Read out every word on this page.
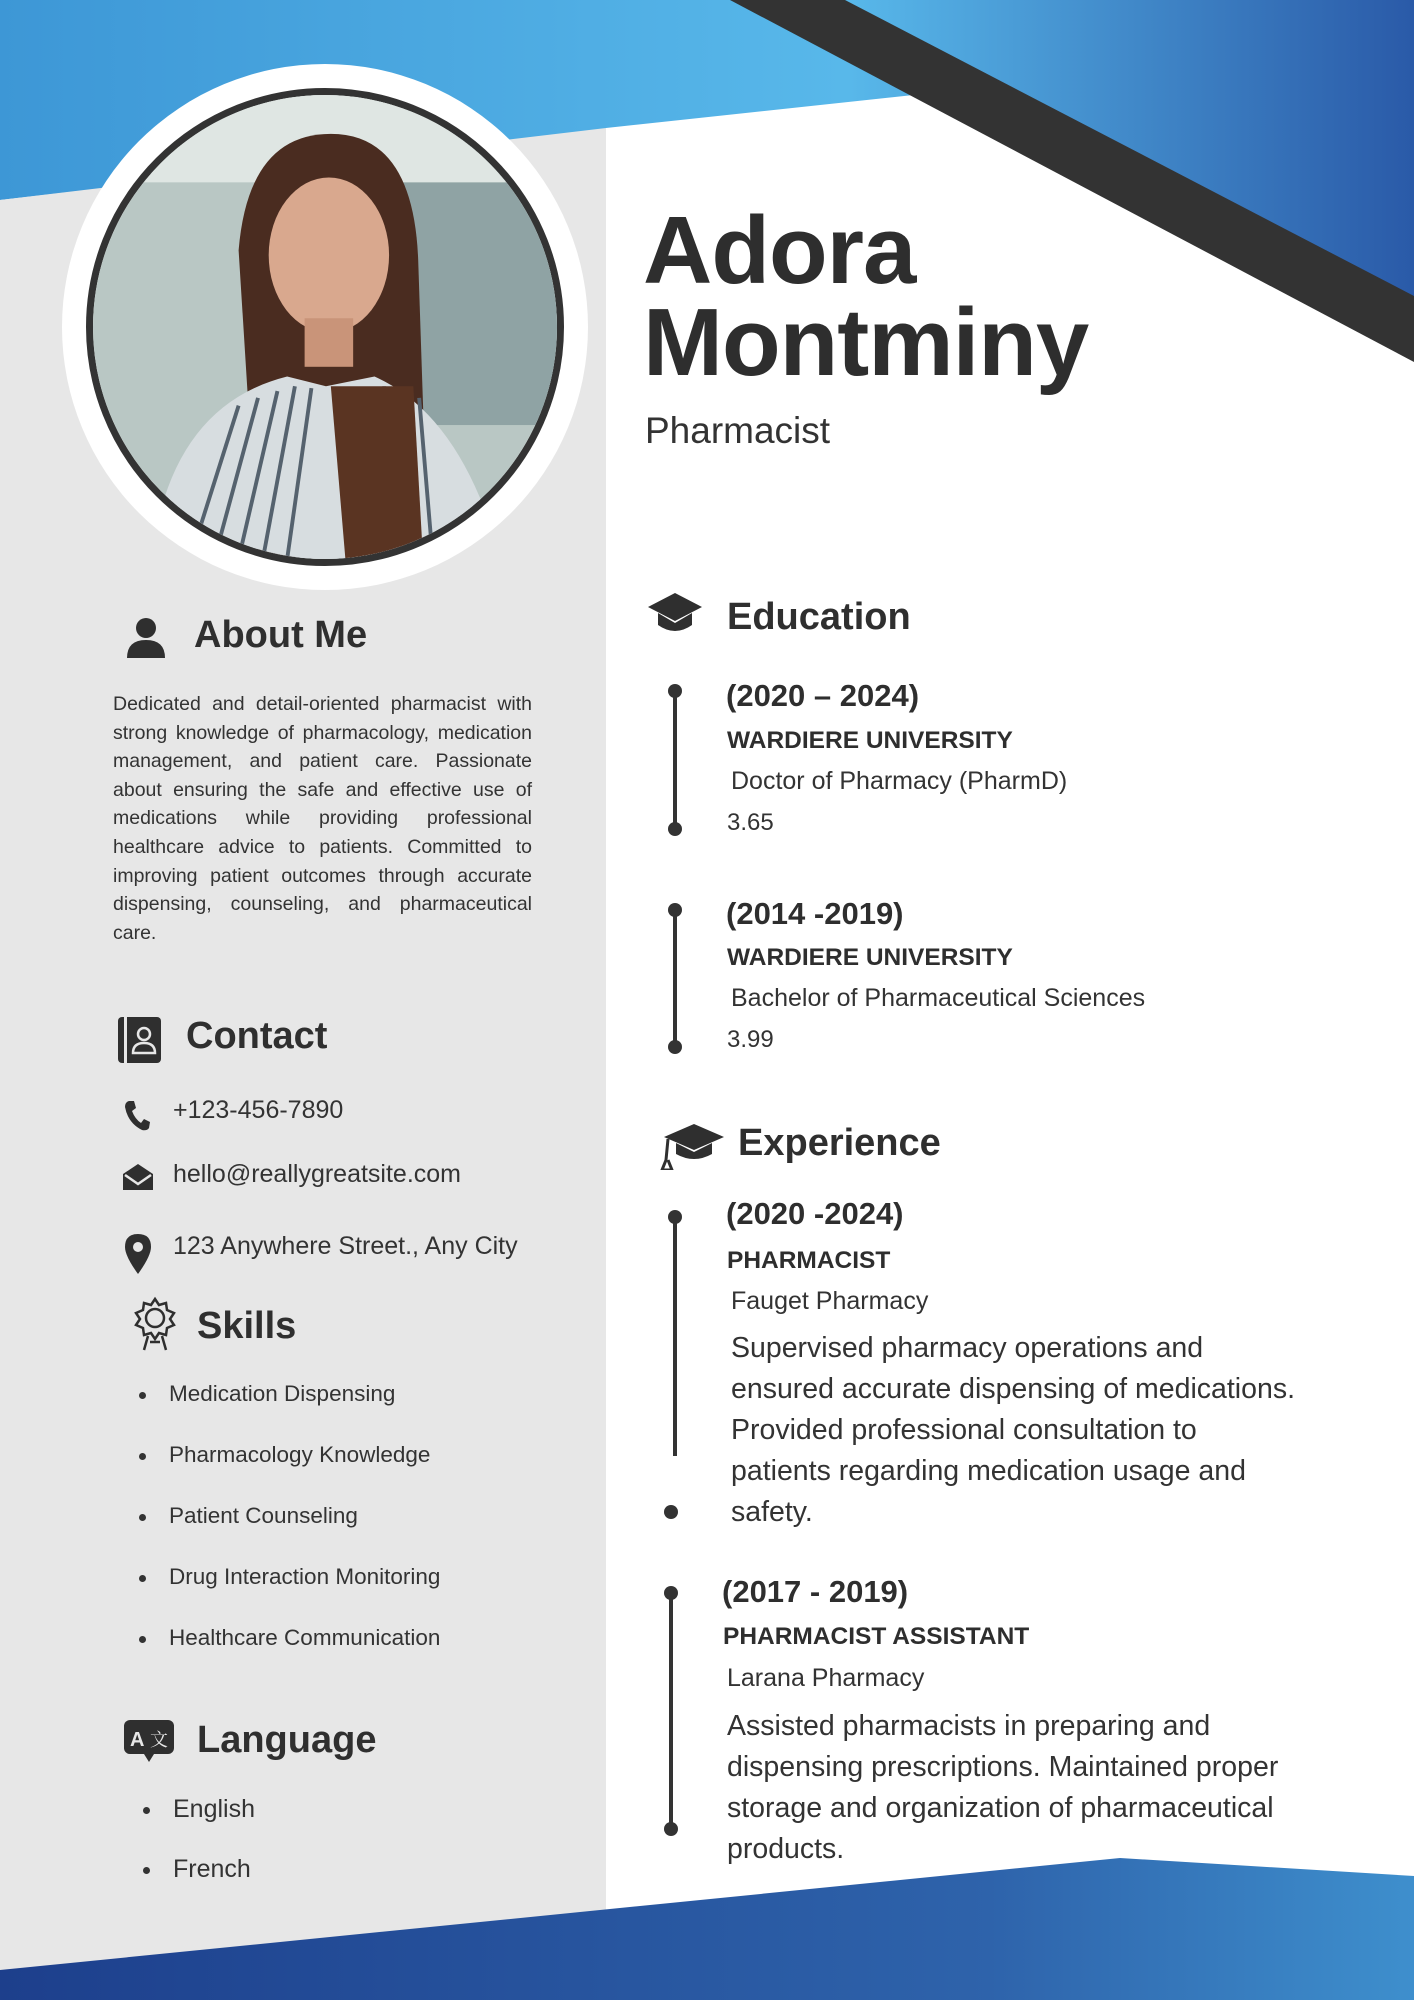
Adora
Montminy
Pharmacist
About Me
Dedicated and detail-oriented pharmacist with strong knowledge of pharmacology, medication management, and patient care. Passionate about ensuring the safe and effective use of medications while providing professional healthcare advice to patients. Committed to improving patient outcomes through accurate dispensing, counseling, and pharmaceutical care.
Contact
+123-456-7890
hello@reallygreatsite.com
123 Anywhere Street., Any City
Skills
Medication Dispensing
Pharmacology Knowledge
Patient Counseling
Drug Interaction Monitoring
Healthcare Communication
A 文 Language
English
French
Education
(2020 – 2024)
WARDIERE UNIVERSITY
Doctor of Pharmacy (PharmD)
3.65
(2014 -2019)
WARDIERE UNIVERSITY
Bachelor of Pharmaceutical Sciences
3.99
Experience
(2020 -2024)
PHARMACIST
Fauget Pharmacy
Supervised pharmacy operations and
ensured accurate dispensing of medications.
Provided professional consultation to
patients regarding medication usage and
safety.
(2017 - 2019)
PHARMACIST ASSISTANT
Larana Pharmacy
Assisted pharmacists in preparing and
dispensing prescriptions. Maintained proper
storage and organization of pharmaceutical
products.
